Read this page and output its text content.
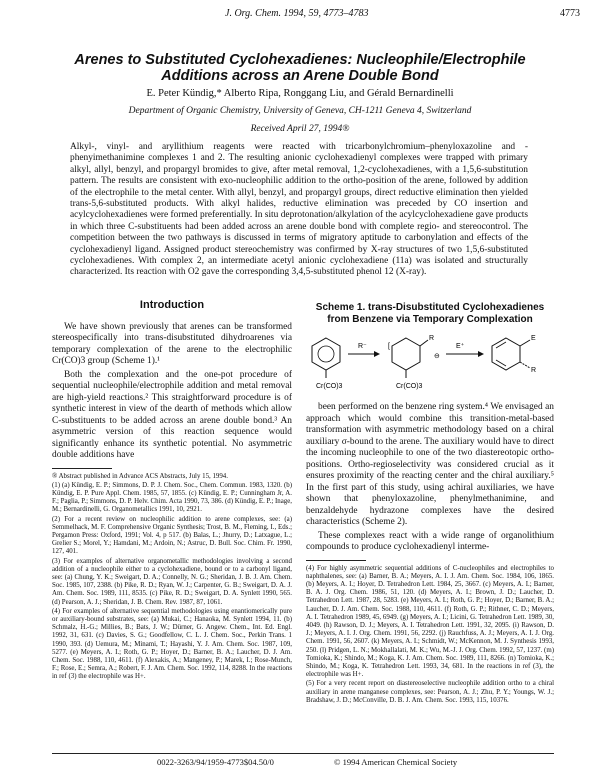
J. Org. Chem. 1994, 59, 4773–4783	4773
Arenes to Substituted Cyclohexadienes: Nucleophile/Electrophile
Additions across an Arene Double Bond
E. Peter Kündig,* Alberto Ripa, Ronggang Liu, and Gérald Bernardinelli
Department of Organic Chemistry, University of Geneva, CH-1211 Geneva 4, Switzerland
Received April 27, 1994®
Alkyl-, vinyl- and aryllithium reagents were reacted with tricarbonylchromium–phenyloxazoline and -phenyimethanimine complexes 1 and 2. The resulting anionic cyclohexadienyl complexes were trapped with primary alkyl, allyl, benzyl, and propargyl bromides to give, after metal removal, 1,2-cyclohexadienes, with a 1,5,6-substitution pattern. The results are consistent with exo-nucleophilic addition to the ortho-position of the arene, followed by addition of the electrophile to the metal center. With allyl, benzyl, and propargyl groups, direct reductive elimination then yielded trans-5,6-substituted products. With alkyl halides, reductive elimination was preceded by CO insertion and acylcyclohexadienes were formed preferentially. In situ deprotonation/alkylation of the acylcyclohexadiene gave products in which three C-substituents had been added across an arene double bond with complete regio- and stereocontrol. The competition between the two pathways is discussed in terms of migratory aptitude to carbonylation and effects of the cyclohexadienyl ligand. Assigned product stereochemistry was confirmed by X-ray structures of two 1,5,6-substituted cyclohexadienes. With complex 2, an intermediate acetyl anionic cyclohexadiene (11a) was isolated and structurally characterized. Its reaction with O2 gave the corresponding 3,4,5-substituted phenol 12 (X-ray).
Introduction

We have shown previously that arenes can be transformed stereospecifically into trans-disubstituted dihydroarenes via temporary complexation of the arene to the electrophilic Cr(CO)3 group (Scheme 1).¹

Both the complexation and the one-pot procedure of sequential nucleophile/electrophile addition and metal removal are high-yield reactions.² This straightforward procedure is of synthetic interest in view of the dearth of methods which allow C-substituents to be added across an arene double bond.³ An asymmetric version of this reaction sequence would significantly enhance its synthetic potential. No asymmetric double additions have

® Abstract published in Advance ACS Abstracts, July 15, 1994.
(1) (a) Kündig, E. P.; Simmons, D. P. J. Chem. Soc., Chem. Commun. 1983, 1320. (b) Kündig, E. P. Pure Appl. Chem. 1985, 57, 1855. (c) Kündig, E. P.; Cunningham Jr, A. F.; Paglia, P.; Simmons, D. P. Helv. Chim. Acta 1990, 73, 386. (d) Kündig, E. P.; Inage, M.; Bernardinelli, G. Organometallics 1991, 10, 2921.
(2) For a recent review on nucleophilic addition to arene complexes, see: (a) Semmelhack, M. F. Comprehensive Organic Synthesis; Trost, B. M., Fleming, I., Eds.; Pergamon Press: Oxford, 1991; Vol. 4, p 517. (b) Balas, L.; Jhurry, D.; Latxague, L.; Grelier S.; Morel, Y.; Hamdani, M.; Ardoin, N.; Astruc, D. Bull. Soc. Chim. Fr. 1990, 127, 401.
(3) For examples of alternative organometallic methodologies involving a second addition of a nucleophile either to a cyclohexadiene, bound or to a carbonyl ligand, see: (a) Chung, Y. K.; Sweigart, D. A.; Connelly, N. G.; Sheridan, J. B. J. Am. Chem. Soc. 1985, 107, 2388. (b) Pike, R. D.; Ryan, W. J.; Carpenter, G. B.; Sweigart, D. A. J. Am. Chem. Soc. 1989, 111, 8535. (c) Pike, R. D.; Sweigart, D. A. Synlett 1990, 565. (d) Pearson, A. J.; Sheridan, J. B. Chem. Rev. 1987, 87, 1061.
(4) For examples of alternative sequential methodologies using enantiomerically pure or auxiliary-bound substrates, see: (a) Mukai, C.; Hanaoka, M. Synlett 1994, 11. (b) Schmalz, H.-G.; Millies, B.; Bats, J. W.; Dürner, G. Angew. Chem., Int. Ed. Engl. 1992, 31, 631. (c) Davies, S. G.; Goodfellow, C. L. J. Chem. Soc., Perkin Trans. 1 1990, 393. (d) Uemura, M.; Minami, T.; Hayashi, Y. J. Am. Chem. Soc. 1987, 109, 5277. (e) Meyers, A. I.; Roth, G. P.; Hoyer, D.; Barner, B. A.; Laucher, D. J. Am. Chem. Soc. 1988, 110, 4611. (f) Alexakis, A.; Mangeney, P.; Marek, I.; Rose-Munch, F.; Rose, E.; Semra, A.; Robert, F. J. Am. Chem. Soc. 1992, 114, 8288. In the reactions in ref (3) the electrophile was H+.
Scheme 1. trans-Disubstituted Cyclohexadienes
from Benzene via Temporary Complexation
Cr(CO)3
R⁻	[
R
Cr(CO)3
⊖
E⁺
E
R

been performed on the benzene ring system.⁴ We envisaged an approach which would combine this transition-metal-based transformation with asymmetric methodology based on a chiral auxiliary σ-bound to the arene. The auxiliary would have to direct the incoming nucleophile to one of the two diastereotopic ortho-positions. Ortho-regioselectivity was considered crucial as it ensures proximity of the reacting center and the chiral auxiliary.⁵ In the first part of this study, using achiral auxiliaries, we have shown that phenyloxazoline, phenylmethanimine, and benzaldehyde hydrazone complexes have the desired characteristics (Scheme 2).

These complexes react with a wide range of organolithium compounds to produce cyclohexadienyl interme-

(4) For highly asymmetric sequential additions of C-nucleophiles and electrophiles to naphthalenes, see: (a) Barner, B. A.; Meyers, A. I. J. Am. Chem. Soc. 1984, 106, 1865. (b) Meyers, A. I.; Hoyer, D. Tetrahedron Lett. 1984, 25, 3667. (c) Meyers, A. I.; Barner, B. A. J. Org. Chem. 1986, 51, 120. (d) Meyers, A. I.; Brown, J. D.; Laucher, D. Tetrahedron Lett. 1987, 28, 5283. (e) Meyers, A. I.; Roth, G. P.; Hoyer, D.; Barner, B. A.; Laucher, D. J. Am. Chem. Soc. 1988, 110, 4611. (f) Roth, G. P.; Rithner, C. D.; Meyers, A. I. Tetrahedron 1989, 45, 6949. (g) Meyers, A. I.; Licini, G. Tetrahedron Lett. 1989, 30, 4049. (h) Rawson, D. J.; Meyers, A. I. Tetrahedron Lett. 1991, 32, 2095. (i) Rawson, D. J.; Meyers, A. I. J. Org. Chem. 1991, 56, 2292. (j) Rauchfuss, A. J.; Meyers, A. I. J. Org. Chem. 1991, 56, 2607. (k) Meyers, A. I.; Schmidt, W.; McKennon, M. J. Synthesis 1993, 250. (l) Pridgen, L. N.; Mokhallalati, M. K.; Wu, M.-J. J. Org. Chem. 1992, 57, 1237. (m) Tomioka, K.; Shindo, M.; Koga, K. J. Am. Chem. Soc. 1989, 111, 8266. (n) Tomioka, K.; Shindo, M.; Koga, K. Tetrahedron Lett. 1993, 34, 681. In the reactions in ref (3), the electrophile was H+.
(5) For a very recent report on diastereoselective nucleophile addition ortho to a chiral auxiliary in arene manganese complexes, see: Pearson, A. J.; Zhu, P. Y.; Youngs, W. J.; Bradshaw, J. D.; McConville, D. B. J. Am. Chem. Soc. 1993, 115, 10376.
0022-3263/94/1959-4773$04.50/0	© 1994 American Chemical Society
